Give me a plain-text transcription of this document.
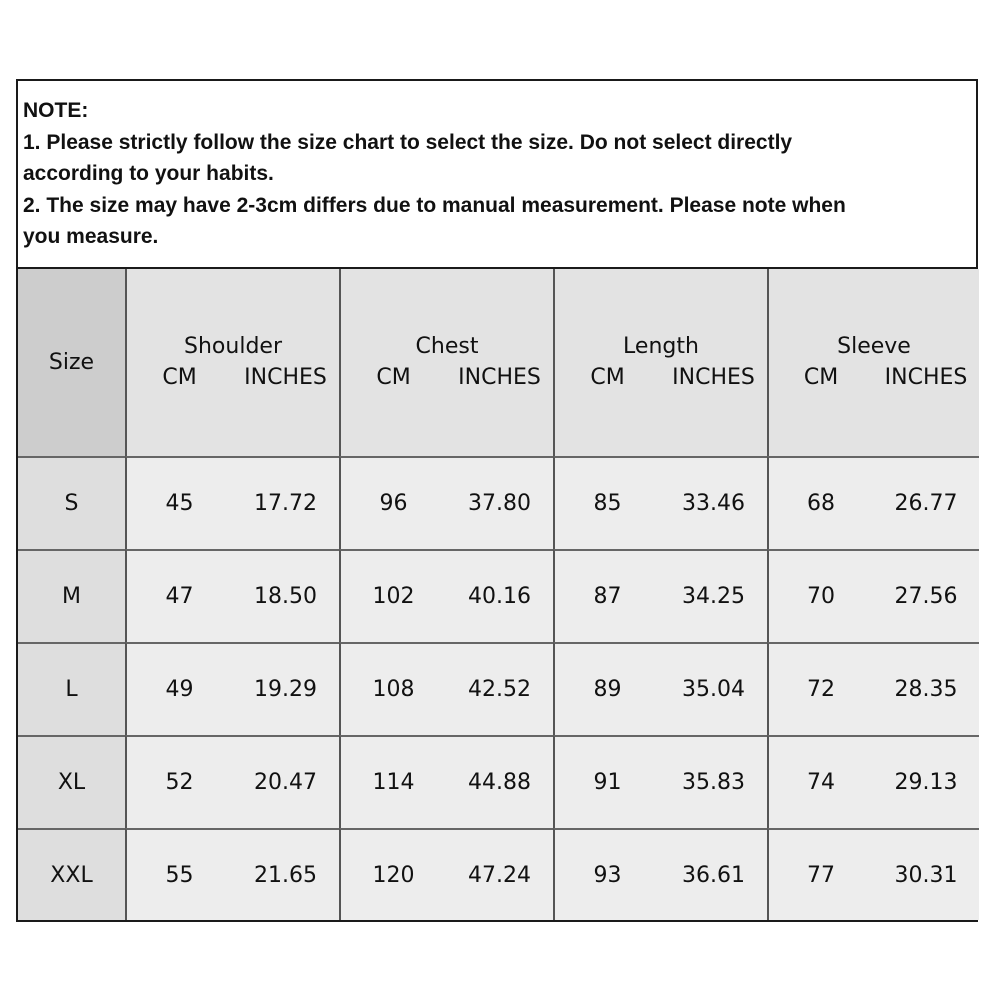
NOTE:
1. Please strictly follow the size chart to select the size. Do not select directly
according to your habits.
2. The size may have 2-3cm differs due to manual measurement. Please note when
you measure.
Size
Shoulder
CM	INCHES
Chest
CM	INCHES
Length
CM	INCHES
Sleeve
CM	INCHES
S	45	17.72	96	37.80	85	33.46	68	26.77
M	47	18.50	102	40.16	87	34.25	70	27.56
L	49	19.29	108	42.52	89	35.04	72	28.35
XL	52	20.47	114	44.88	91	35.83	74	29.13
XXL	55	21.65	120	47.24	93	36.61	77	30.31
